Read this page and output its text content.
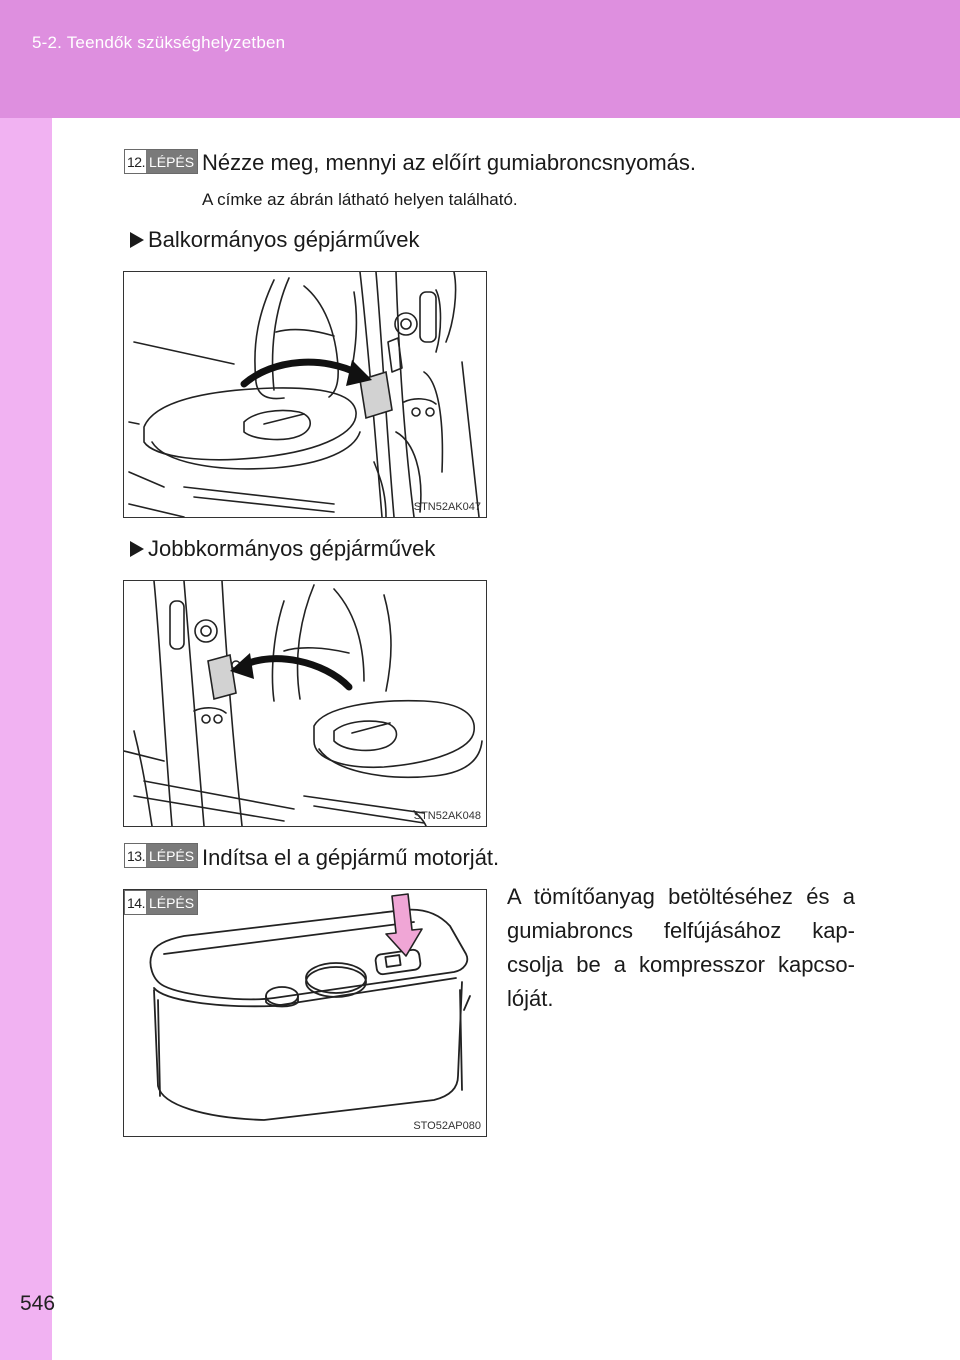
5-2. Teendők szükséghelyzetben
12. LÉPÉS Nézze meg, mennyi az előírt gumiabroncsnyomás.
A címke az ábrán látható helyen található.
Balkormányos gépjárművek
STN52AK047
Jobbkormányos gépjárművek
STN52AK048
13. LÉPÉS Indítsa el a gépjármű motorját.
14. LÉPÉS
STO52AP080
A tömítőanyag betöltéséhez és a gumiabroncs felfújásához kap-csolja be a kompresszor kapcso-lóját.
546
